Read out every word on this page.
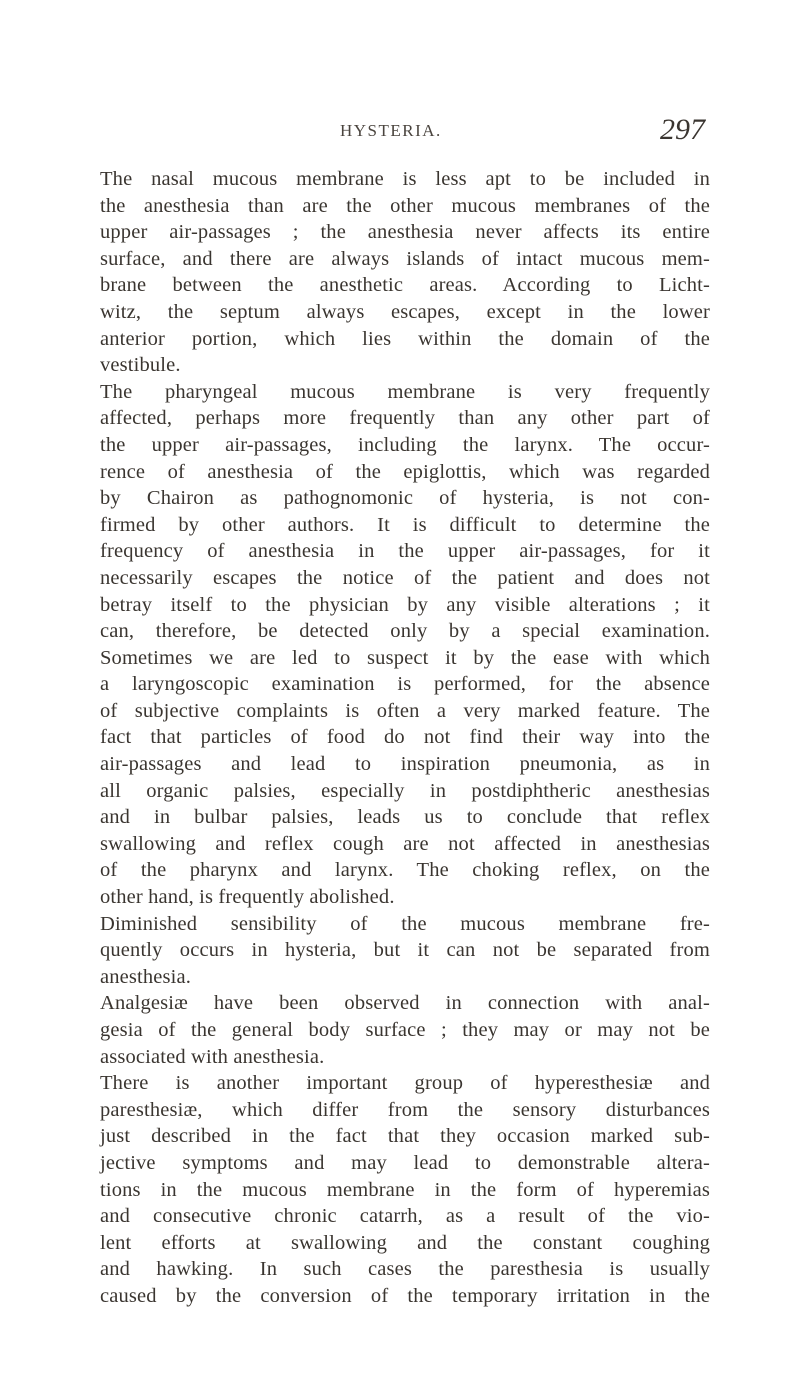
HYSTERIA.	297
The nasal mucous membrane is less apt to be included in
the anesthesia than are the other mucous membranes of the
upper air-passages ; the anesthesia never affects its entire
surface, and there are always islands of intact mucous mem-
brane between the anesthetic areas. According to Licht-
witz, the septum always escapes, except in the lower
anterior portion, which lies within the domain of the
vestibule.
The pharyngeal mucous membrane is very frequently
affected, perhaps more frequently than any other part of
the upper air-passages, including the larynx. The occur-
rence of anesthesia of the epiglottis, which was regarded
by Chairon as pathognomonic of hysteria, is not con-
firmed by other authors. It is difficult to determine the
frequency of anesthesia in the upper air-passages, for it
necessarily escapes the notice of the patient and does not
betray itself to the physician by any visible alterations ; it
can, therefore, be detected only by a special examination.
Sometimes we are led to suspect it by the ease with which
a laryngoscopic examination is performed, for the absence
of subjective complaints is often a very marked feature. The
fact that particles of food do not find their way into the
air-passages and lead to inspiration pneumonia, as in
all organic palsies, especially in postdiphtheric anesthesias
and in bulbar palsies, leads us to conclude that reflex
swallowing and reflex cough are not affected in anesthesias
of the pharynx and larynx. The choking reflex, on the
other hand, is frequently abolished.
Diminished sensibility of the mucous membrane fre-
quently occurs in hysteria, but it can not be separated from
anesthesia.
Analgesiæ have been observed in connection with anal-
gesia of the general body surface ; they may or may not be
associated with anesthesia.
There is another important group of hyperesthesiæ and
paresthesiæ, which differ from the sensory disturbances
just described in the fact that they occasion marked sub-
jective symptoms and may lead to demonstrable altera-
tions in the mucous membrane in the form of hyperemias
and consecutive chronic catarrh, as a result of the vio-
lent efforts at swallowing and the constant coughing
and hawking. In such cases the paresthesia is usually
caused by the conversion of the temporary irritation in the
